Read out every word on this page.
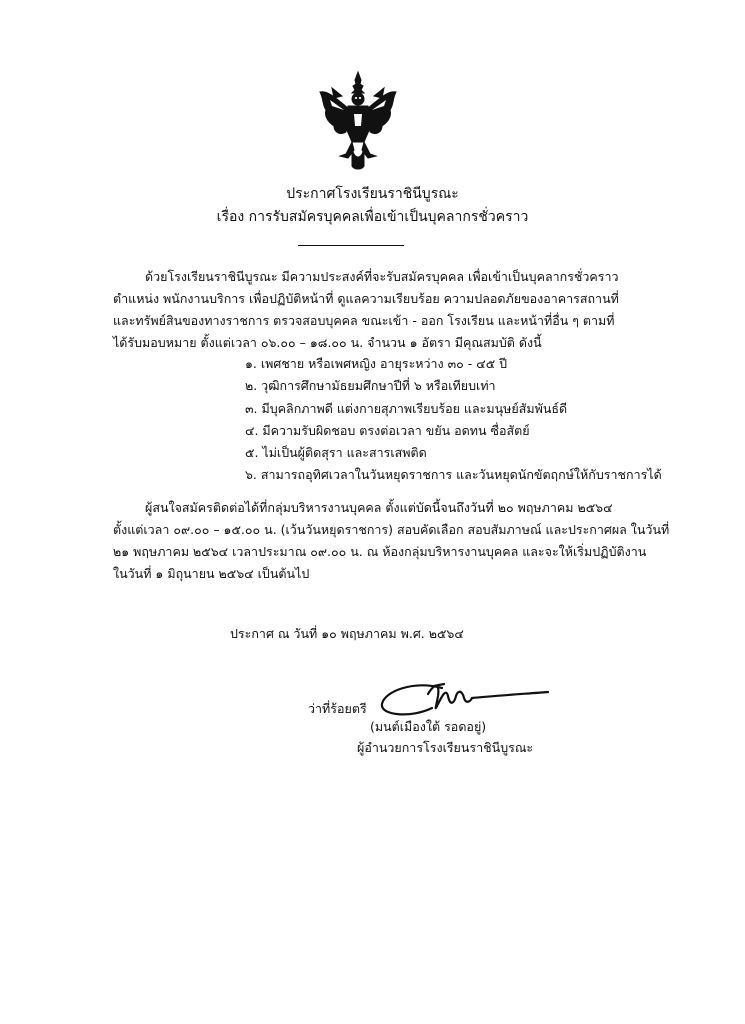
ประกาศโรงเรียนราชินีบูรณะ
เรื่อง การรับสมัครบุคคลเพื่อเข้าเป็นบุคลากรชั่วคราว
ด้วยโรงเรียนราชินีบูรณะ มีความประสงค์ที่จะรับสมัครบุคคล เพื่อเข้าเป็นบุคลากรชั่วคราว
ตำแหน่ง พนักงานบริการ เพื่อปฏิบัติหน้าที่ ดูแลความเรียบร้อย ความปลอดภัยของอาคารสถานที่
และทรัพย์สินของทางราชการ ตรวจสอบบุคคล ขณะเข้า - ออก โรงเรียน และหน้าที่อื่น ๆ ตามที่
ได้รับมอบหมาย ตั้งแต่เวลา ๐๖.๐๐ – ๑๘.๐๐ น. จำนวน ๑ อัตรา มีคุณสมบัติ ดังนี้
๑. เพศชาย หรือเพศหญิง อายุระหว่าง ๓๐ - ๔๕ ปี
๒. วุฒิการศึกษามัธยมศึกษาปีที่ ๖ หรือเทียบเท่า
๓. มีบุคลิกภาพดี แต่งกายสุภาพเรียบร้อย และมนุษย์สัมพันธ์ดี
๔. มีความรับผิดชอบ ตรงต่อเวลา ขยัน อดทน ซื่อสัตย์
๕. ไม่เป็นผู้ติดสุรา และสารเสพติด
๖. สามารถอุทิศเวลาในวันหยุดราชการ และวันหยุดนักขัตฤกษ์ให้กับราชการได้
ผู้สนใจสมัครติดต่อได้ที่กลุ่มบริหารงานบุคคล ตั้งแต่บัดนี้จนถึงวันที่ ๒๐ พฤษภาคม ๒๕๖๔
ตั้งแต่เวลา ๐๙.๐๐ – ๑๕.๐๐ น. (เว้นวันหยุดราชการ) สอบคัดเลือก สอบสัมภาษณ์ และประกาศผล ในวันที่
๒๑ พฤษภาคม ๒๕๖๔ เวลาประมาณ ๐๙.๐๐ น. ณ ห้องกลุ่มบริหารงานบุคคล และจะให้เริ่มปฏิบัติงาน
ในวันที่ ๑ มิถุนายน ๒๕๖๔ เป็นต้นไป
ประกาศ ณ วันที่ ๑๐ พฤษภาคม พ.ศ. ๒๕๖๔
ว่าที่ร้อยตรี
(มนต์เมืองใต้ รอดอยู่)
ผู้อำนวยการโรงเรียนราชินีบูรณะ
